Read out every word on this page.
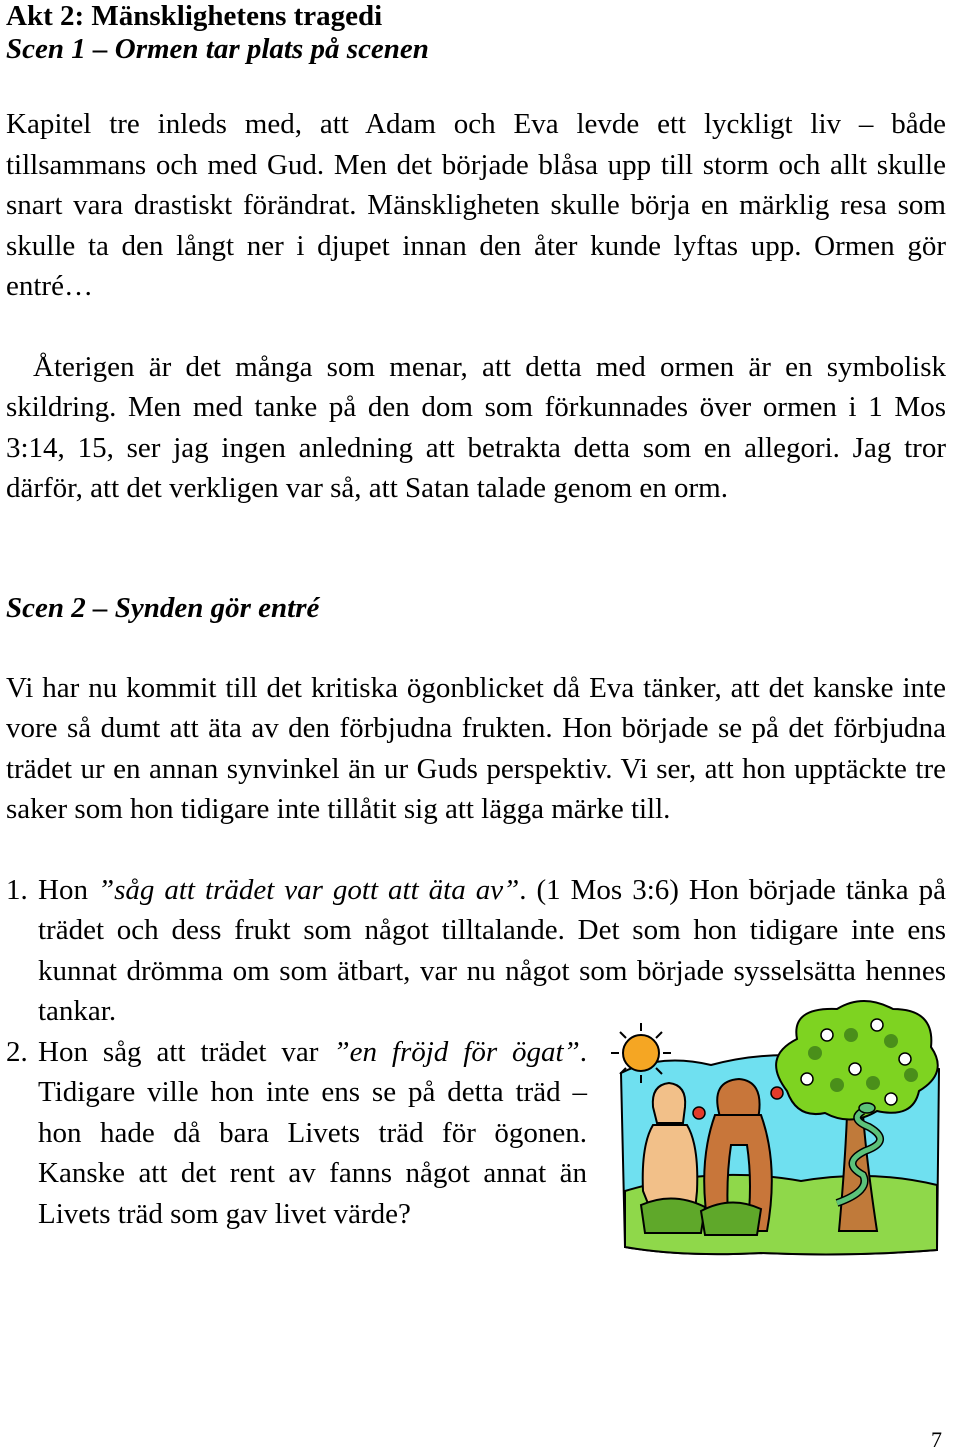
Akt 2: Mänsklighetens tragedi
Scen 1 – Ormen tar plats på scenen

Kapitel tre inleds med, att Adam och Eva levde ett lyckligt liv – både tillsammans och med Gud. Men det började blåsa upp till storm och allt skulle snart vara drastiskt förändrat. Mänskligheten skulle börja en märklig resa som skulle ta den långt ner i djupet innan den åter kunde lyftas upp. Ormen gör entré…

Återigen är det många som menar, att detta med ormen är en symbolisk skildring. Men med tanke på den dom som förkunnades över ormen i 1 Mos 3:14, 15, ser jag ingen anledning att betrakta detta som en allegori. Jag tror därför, att det verkligen var så, att Satan talade genom en orm.

Scen 2 – Synden gör entré

Vi har nu kommit till det kritiska ögonblicket då Eva tänker, att det kanske inte vore så dumt att äta av den förbjudna frukten. Hon började se på det förbjudna trädet ur en annan synvinkel än ur Guds perspektiv. Vi ser, att hon upptäckte tre saker som hon tidigare inte tillåtit sig att lägga märke till.

1. Hon ”såg att trädet var gott att äta av”. (1 Mos 3:6) Hon började tänka på trädet och dess frukt som något tilltalande. Det som hon tidigare inte ens kunnat drömma om som ätbart, var nu något som började sysselsätta hennes tankar.
2. Hon såg att trädet var ”en fröjd för ögat”. Tidigare ville hon inte ens se på detta träd – hon hade då bara Livets träd för ögonen. Kanske att det rent av fanns något annat än Livets träd som gav livet värde?
7
